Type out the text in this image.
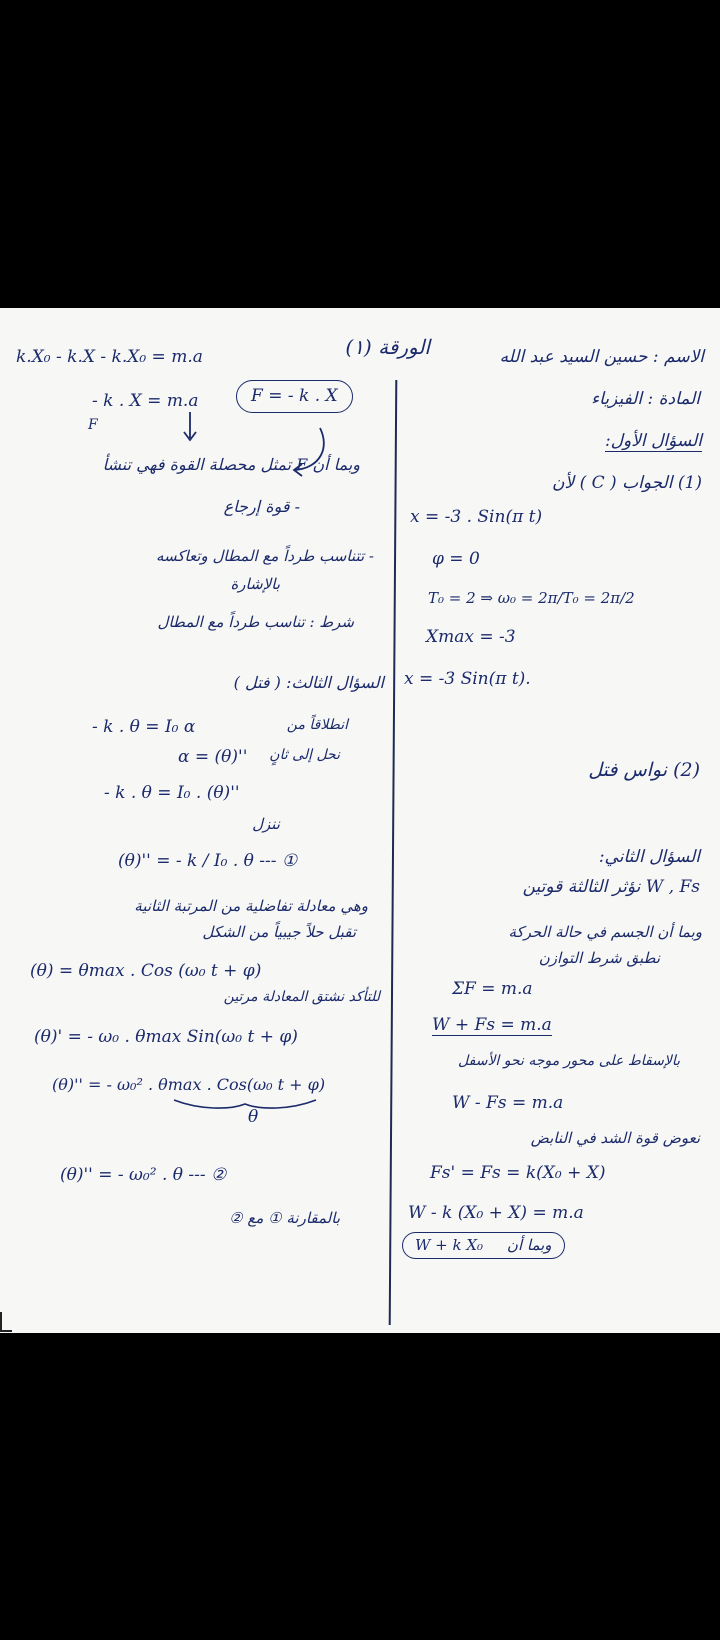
الورقة (١)	الاسم : حسين السيد عبد الله
المادة : الفيزياء
السؤال الأول:
(1) الجواب ( C ) لأن
x = -3 . Sin(π t)
φ = 0
T₀ = 2 ⇒ ω₀ = 2π/T₀ = 2π/2
Xmax = -3
x = -3 Sin(π t).
(2) نواس فتل
السؤال الثاني:
W , Fs نؤثر الثالثة قوتين
وبما أن الجسم في حالة الحركة
نطبق شرط التوازن
ΣF = m.a
W + Fs = m.a
بالإسقاط على محور موجه نحو الأسفل
W - Fs = m.a
نعوض قوة الشد في النابض
Fs' = Fs = k(X₀ + X)
W - k (X₀ + X) = m.a
W + k X₀ وبما أن
k.X₀ - k.X - k.X₀ = m.a
- k . X = m.a	F = - k . X
F
وبما أن F تمثل محصلة القوة فهي تنشأ
- قوة إرجاع
- تتناسب طرداً مع المطال وتعاكسه
بالإشارة
شرط : تناسب طرداً مع المطال
السؤال الثالث: ( فتل )
- k . θ = I₀ α	انطلاقاً من
α = (θ)'' نحل إلى ثانٍ
- k . θ = I₀ . (θ)''
ننزل
(θ)'' = - k / I₀ . θ --- ①
وهي معادلة تفاضلية من المرتبة الثانية
تقبل حلاً جيبياً من الشكل
(θ) = θmax . Cos (ω₀ t + φ)
للتأكد نشتق المعادلة مرتين
(θ)' = - ω₀ . θmax Sin(ω₀ t + φ)
(θ)'' = - ω₀² . θmax . Cos(ω₀ t + φ)
θ
(θ)'' = - ω₀² . θ --- ②
بالمقارنة ① مع ②
